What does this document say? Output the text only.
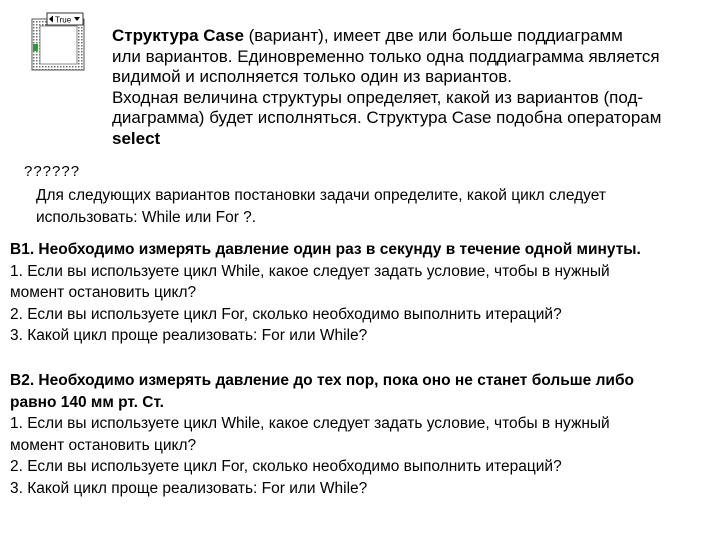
True
Структура Case (вариант), имеет две или больше поддиаграмм
или вариантов. Единовременно только одна поддиаграмма является
видимой и исполняется только один из вариантов.
Входная величина структуры определяет, какой из вариантов (под-
диаграмма) будет исполняться. Структура Case подобна операторам
select
??????
Для следующих вариантов постановки задачи определите, какой цикл следует
использовать: While или For ?.
В1. Необходимо измерять давление один раз в секунду в течение одной минуты.
1. Если вы используете цикл While, какое следует задать условие, чтобы в нужный
момент остановить цикл?
2. Если вы используете цикл For, сколько необходимо выполнить итераций?
3. Какой цикл проще реализовать: For или While?
В2. Необходимо измерять давление до тех пор, пока оно не станет больше либо
равно 140 мм рт. Ст.
1. Если вы используете цикл While, какое следует задать условие, чтобы в нужный
момент остановить цикл?
2. Если вы используете цикл For, сколько необходимо выполнить итераций?
3. Какой цикл проще реализовать: For или While?
